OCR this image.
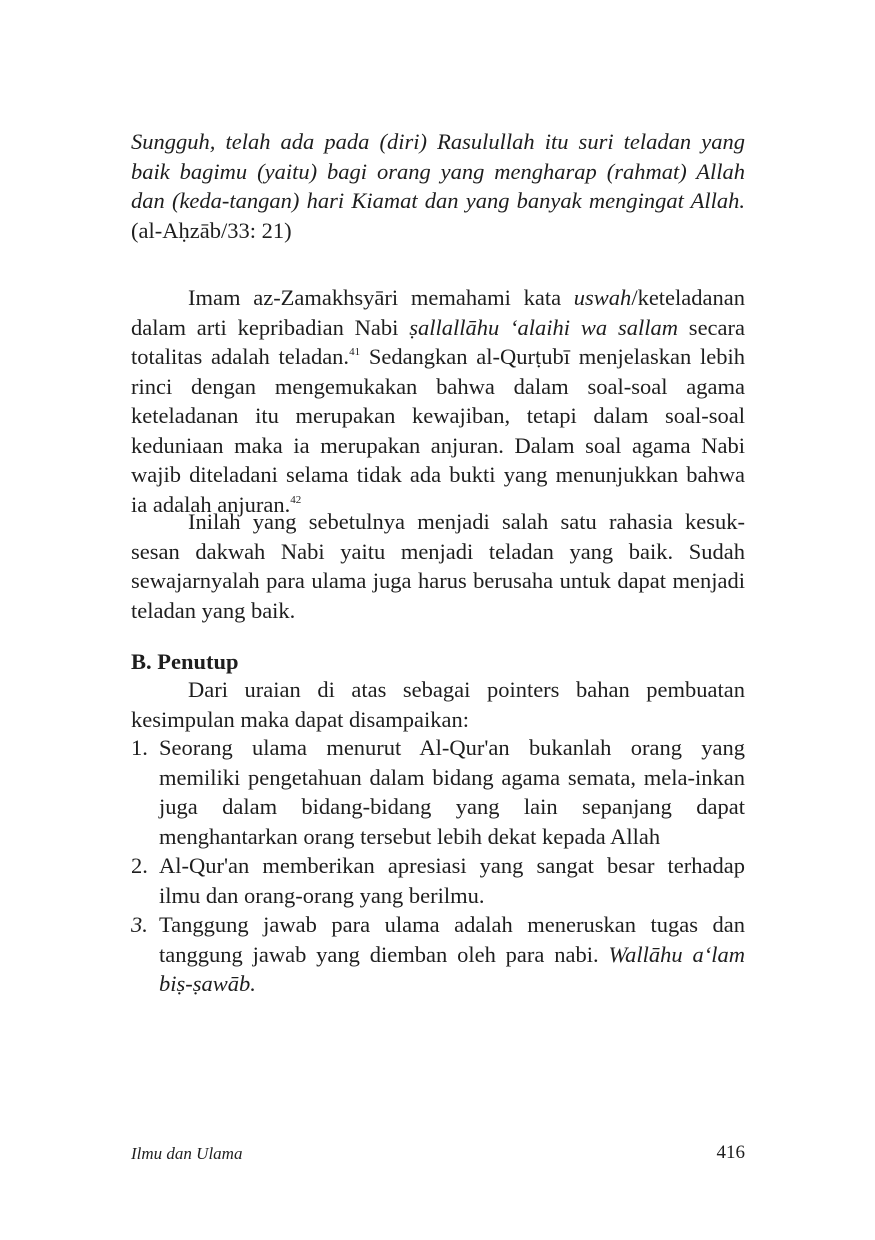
Sungguh, telah ada pada (diri) Rasulullah itu suri teladan yang baik bagimu (yaitu) bagi orang yang mengharap (rahmat) Allah dan (keda-tangan) hari Kiamat dan yang banyak mengingat Allah. (al-Aḥzāb/33: 21)
Imam az-Zamakhsyāri memahami kata uswah/keteladanan dalam arti kepribadian Nabi ṣallallāhu ‘alaihi wa sallam secara totalitas adalah teladan.$^{41}$ Sedangkan al-Qurṭubī menjelaskan lebih rinci dengan mengemukakan bahwa dalam soal-soal agama keteladanan itu merupakan kewajiban, tetapi dalam soal-soal keduniaan maka ia merupakan anjuran. Dalam soal agama Nabi wajib diteladani selama tidak ada bukti yang menunjukkan bahwa ia adalah anjuran.$^{42}$
Inilah yang sebetulnya menjadi salah satu rahasia kesuk-sesan dakwah Nabi yaitu menjadi teladan yang baik. Sudah sewajarnyalah para ulama juga harus berusaha untuk dapat menjadi teladan yang baik.
B. Penutup
Dari uraian di atas sebagai pointers bahan pembuatan kesimpulan maka dapat disampaikan:
1. Seorang ulama menurut Al-Qur'an bukanlah orang yang memiliki pengetahuan dalam bidang agama semata, mela-inkan juga dalam bidang-bidang yang lain sepanjang dapat menghantarkan orang tersebut lebih dekat kepada Allah
2. Al-Qur'an memberikan apresiasi yang sangat besar terhadap ilmu dan orang-orang yang berilmu.
3. Tanggung jawab para ulama adalah meneruskan tugas dan tanggung jawab yang diemban oleh para nabi. Wallāhu a‘lam biṣ-ṣawāb.
Ilmu dan Ulama	416
